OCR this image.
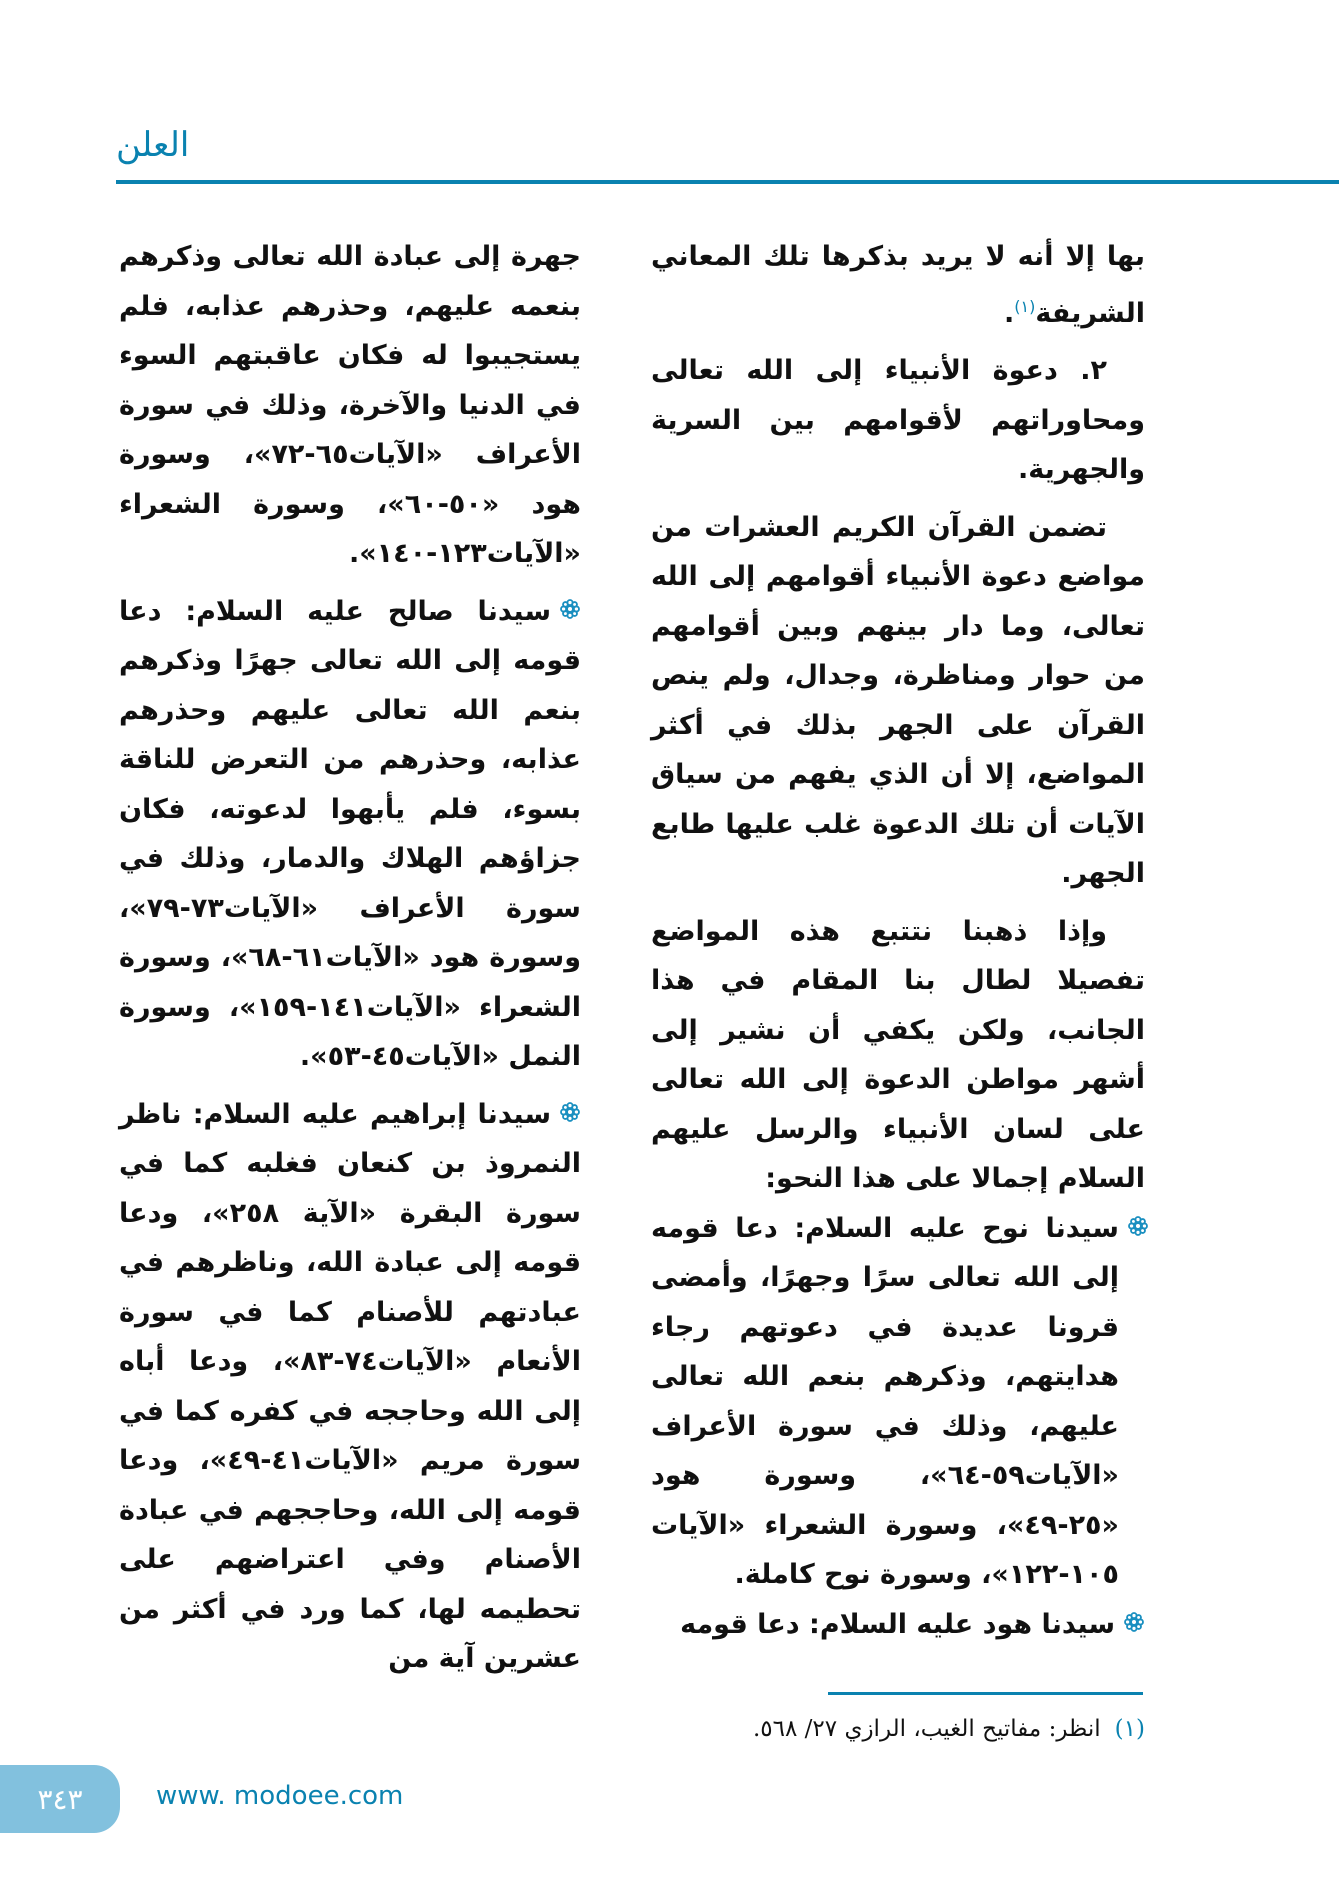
العلن

بها إلا أنه لا يريد بذكرها تلك المعاني الشريفة$^{(١)}$.

٢. دعوة الأنبياء إلى الله تعالى ومحاوراتهم لأقوامهم بين السرية والجهرية.

تضمن القرآن الكريم العشرات من مواضع دعوة الأنبياء أقوامهم إلى الله تعالى، وما دار بينهم وبين أقوامهم من حوار ومناظرة، وجدال، ولم ينص القرآن على الجهر بذلك في أكثر المواضع، إلا أن الذي يفهم من سياق الآيات أن تلك الدعوة غلب عليها طابع الجهر.

وإذا ذهبنا نتتبع هذه المواضع تفصيلا لطال بنا المقام في هذا الجانب، ولكن يكفي أن نشير إلى أشهر مواطن الدعوة إلى الله تعالى على لسان الأنبياء والرسل عليهم السلام إجمالا على هذا النحو:

سيدنا نوح عليه السلام: دعا قومه إلى الله تعالى سرًا وجهرًا، وأمضى قرونا عديدة في دعوتهم رجاء هدايتهم، وذكرهم بنعم الله تعالى عليهم، وذلك في سورة الأعراف «الآيات٥٩-٦٤»، وسورة هود «٢٥-٤٩»، وسورة الشعراء «الآيات ١٠٥-١٢٢»، وسورة نوح كاملة.

سيدنا هود عليه السلام: دعا قومه

جهرة إلى عبادة الله تعالى وذكرهم بنعمه عليهم، وحذرهم عذابه، فلم يستجيبوا له فكان عاقبتهم السوء في الدنيا والآخرة، وذلك في سورة الأعراف «الآيات٦٥-٧٢»، وسورة هود «٥٠-٦٠»، وسورة الشعراء «الآيات١٢٣-١٤٠».

سيدنا صالح عليه السلام: دعا قومه إلى الله تعالى جهرًا وذكرهم بنعم الله تعالى عليهم وحذرهم عذابه، وحذرهم من التعرض للناقة بسوء، فلم يأبهوا لدعوته، فكان جزاؤهم الهلاك والدمار، وذلك في سورة الأعراف «الآيات٧٣-٧٩»، وسورة هود «الآيات٦١-٦٨»، وسورة الشعراء «الآيات١٤١-١٥٩»، وسورة النمل «الآيات٤٥-٥٣».

سيدنا إبراهيم عليه السلام: ناظر النمروذ بن كنعان فغلبه كما في سورة البقرة «الآية ٢٥٨»، ودعا قومه إلى عبادة الله، وناظرهم في عبادتهم للأصنام كما في سورة الأنعام «الآيات٧٤-٨٣»، ودعا أباه إلى الله وحاججه في كفره كما في سورة مريم «الآيات٤١-٤٩»، ودعا قومه إلى الله، وحاججهم في عبادة الأصنام وفي اعتراضهم على تحطيمه لها، كما ورد في أكثر من عشرين آية من

(١)انظر: مفاتيح الغيب، الرازي ٢٧/ ٥٦٨.
٣٤٣	www. modoee.com
